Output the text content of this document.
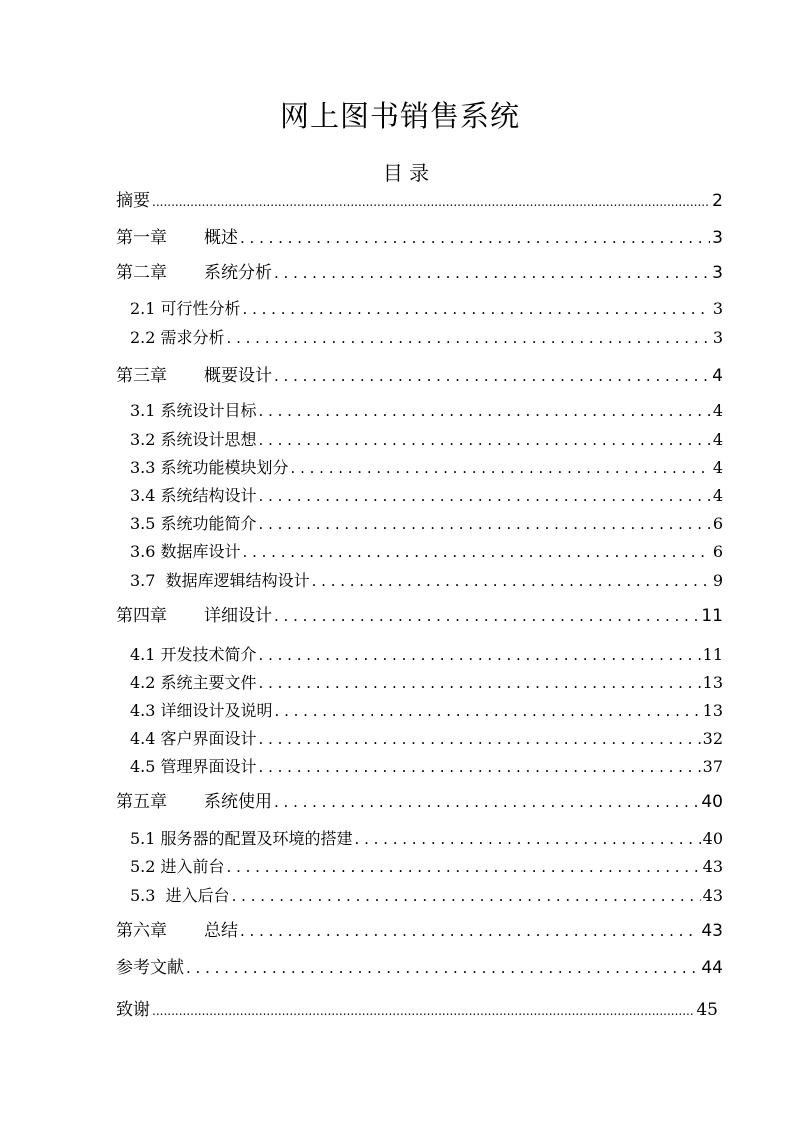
网上图书销售系统
目 录
摘要 .....	2
第一章 概述 . . .	3
第二章 系统分析 . . .	3
2.1 可行性分析 . . .	3
2.2 需求分析 . . .	3
第三章 概要设计 . . .	4
3.1 系统设计目标 . . .	4
3.2 系统设计思想 . . .	4
3.3 系统功能模块划分 . . .	4
3.4 系统结构设计 . . .	4
3.5 系统功能简介 . . .	6
3.6 数据库设计 . . .	6
3.7  数据库逻辑结构设计 . . .	9
第四章 详细设计 . . .	11
4.1 开发技术简介 . . .	11
4.2 系统主要文件 . . .	13
4.3 详细设计及说明 . . .	13
4.4 客户界面设计 . . .	32
4.5 管理界面设计 . . .	37
第五章 系统使用 . . .	40
5.1 服务器的配置及环境的搭建 . . .	40
5.2 进入前台 . . .	43
5.3  进入后台 . . .	43
第六章 总结 . . .	43
参考文献 . . .	44
致谢 .....	45
